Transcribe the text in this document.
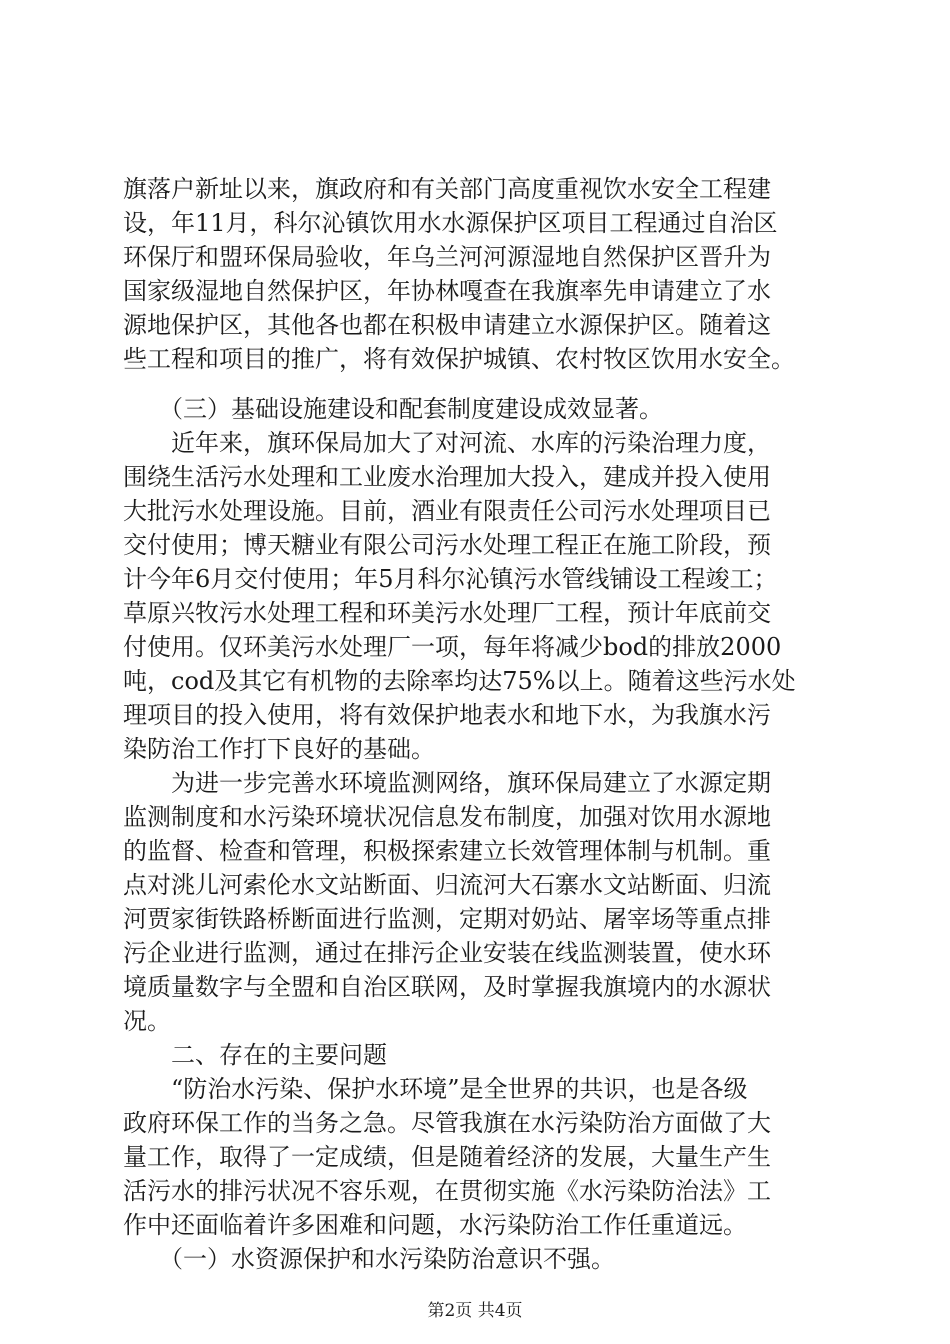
旗落户新址以来，旗政府和有关部门高度重视饮水安全工程建
设，年11月，科尔沁镇饮用水水源保护区项目工程通过自治区
环保厅和盟环保局验收，年乌兰河河源湿地自然保护区晋升为
国家级湿地自然保护区，年协林嘎查在我旗率先申请建立了水
源地保护区，其他各也都在积极申请建立水源保护区。随着这
些工程和项目的推广，将有效保护城镇、农村牧区饮用水安全。
　　（三）基础设施建设和配套制度建设成效显著。
　　近年来，旗环保局加大了对河流、水库的污染治理力度，
围绕生活污水处理和工业废水治理加大投入，建成并投入使用
大批污水处理设施。目前，酒业有限责任公司污水处理项目已
交付使用；博天糖业有限公司污水处理工程正在施工阶段，预
计今年6月交付使用；年5月科尔沁镇污水管线铺设工程竣工；
草原兴牧污水处理工程和环美污水处理厂工程，预计年底前交
付使用。仅环美污水处理厂一项，每年将减少bod的排放2000
吨，cod及其它有机物的去除率均达75%以上。随着这些污水处
理项目的投入使用，将有效保护地表水和地下水，为我旗水污
染防治工作打下良好的基础。
　　为进一步完善水环境监测网络，旗环保局建立了水源定期
监测制度和水污染环境状况信息发布制度，加强对饮用水源地
的监督、检查和管理，积极探索建立长效管理体制与机制。重
点对洮儿河索伦水文站断面、归流河大石寨水文站断面、归流
河贾家街铁路桥断面进行监测，定期对奶站、屠宰场等重点排
污企业进行监测，通过在排污企业安装在线监测装置，使水环
境质量数字与全盟和自治区联网，及时掌握我旗境内的水源状
况。
　　二、存在的主要问题
　　“防治水污染、保护水环境”是全世界的共识，也是各级
政府环保工作的当务之急。尽管我旗在水污染防治方面做了大
量工作，取得了一定成绩，但是随着经济的发展，大量生产生
活污水的排污状况不容乐观，在贯彻实施《水污染防治法》工
作中还面临着许多困难和问题，水污染防治工作任重道远。
　　（一）水资源保护和水污染防治意识不强。
第2页 共4页
